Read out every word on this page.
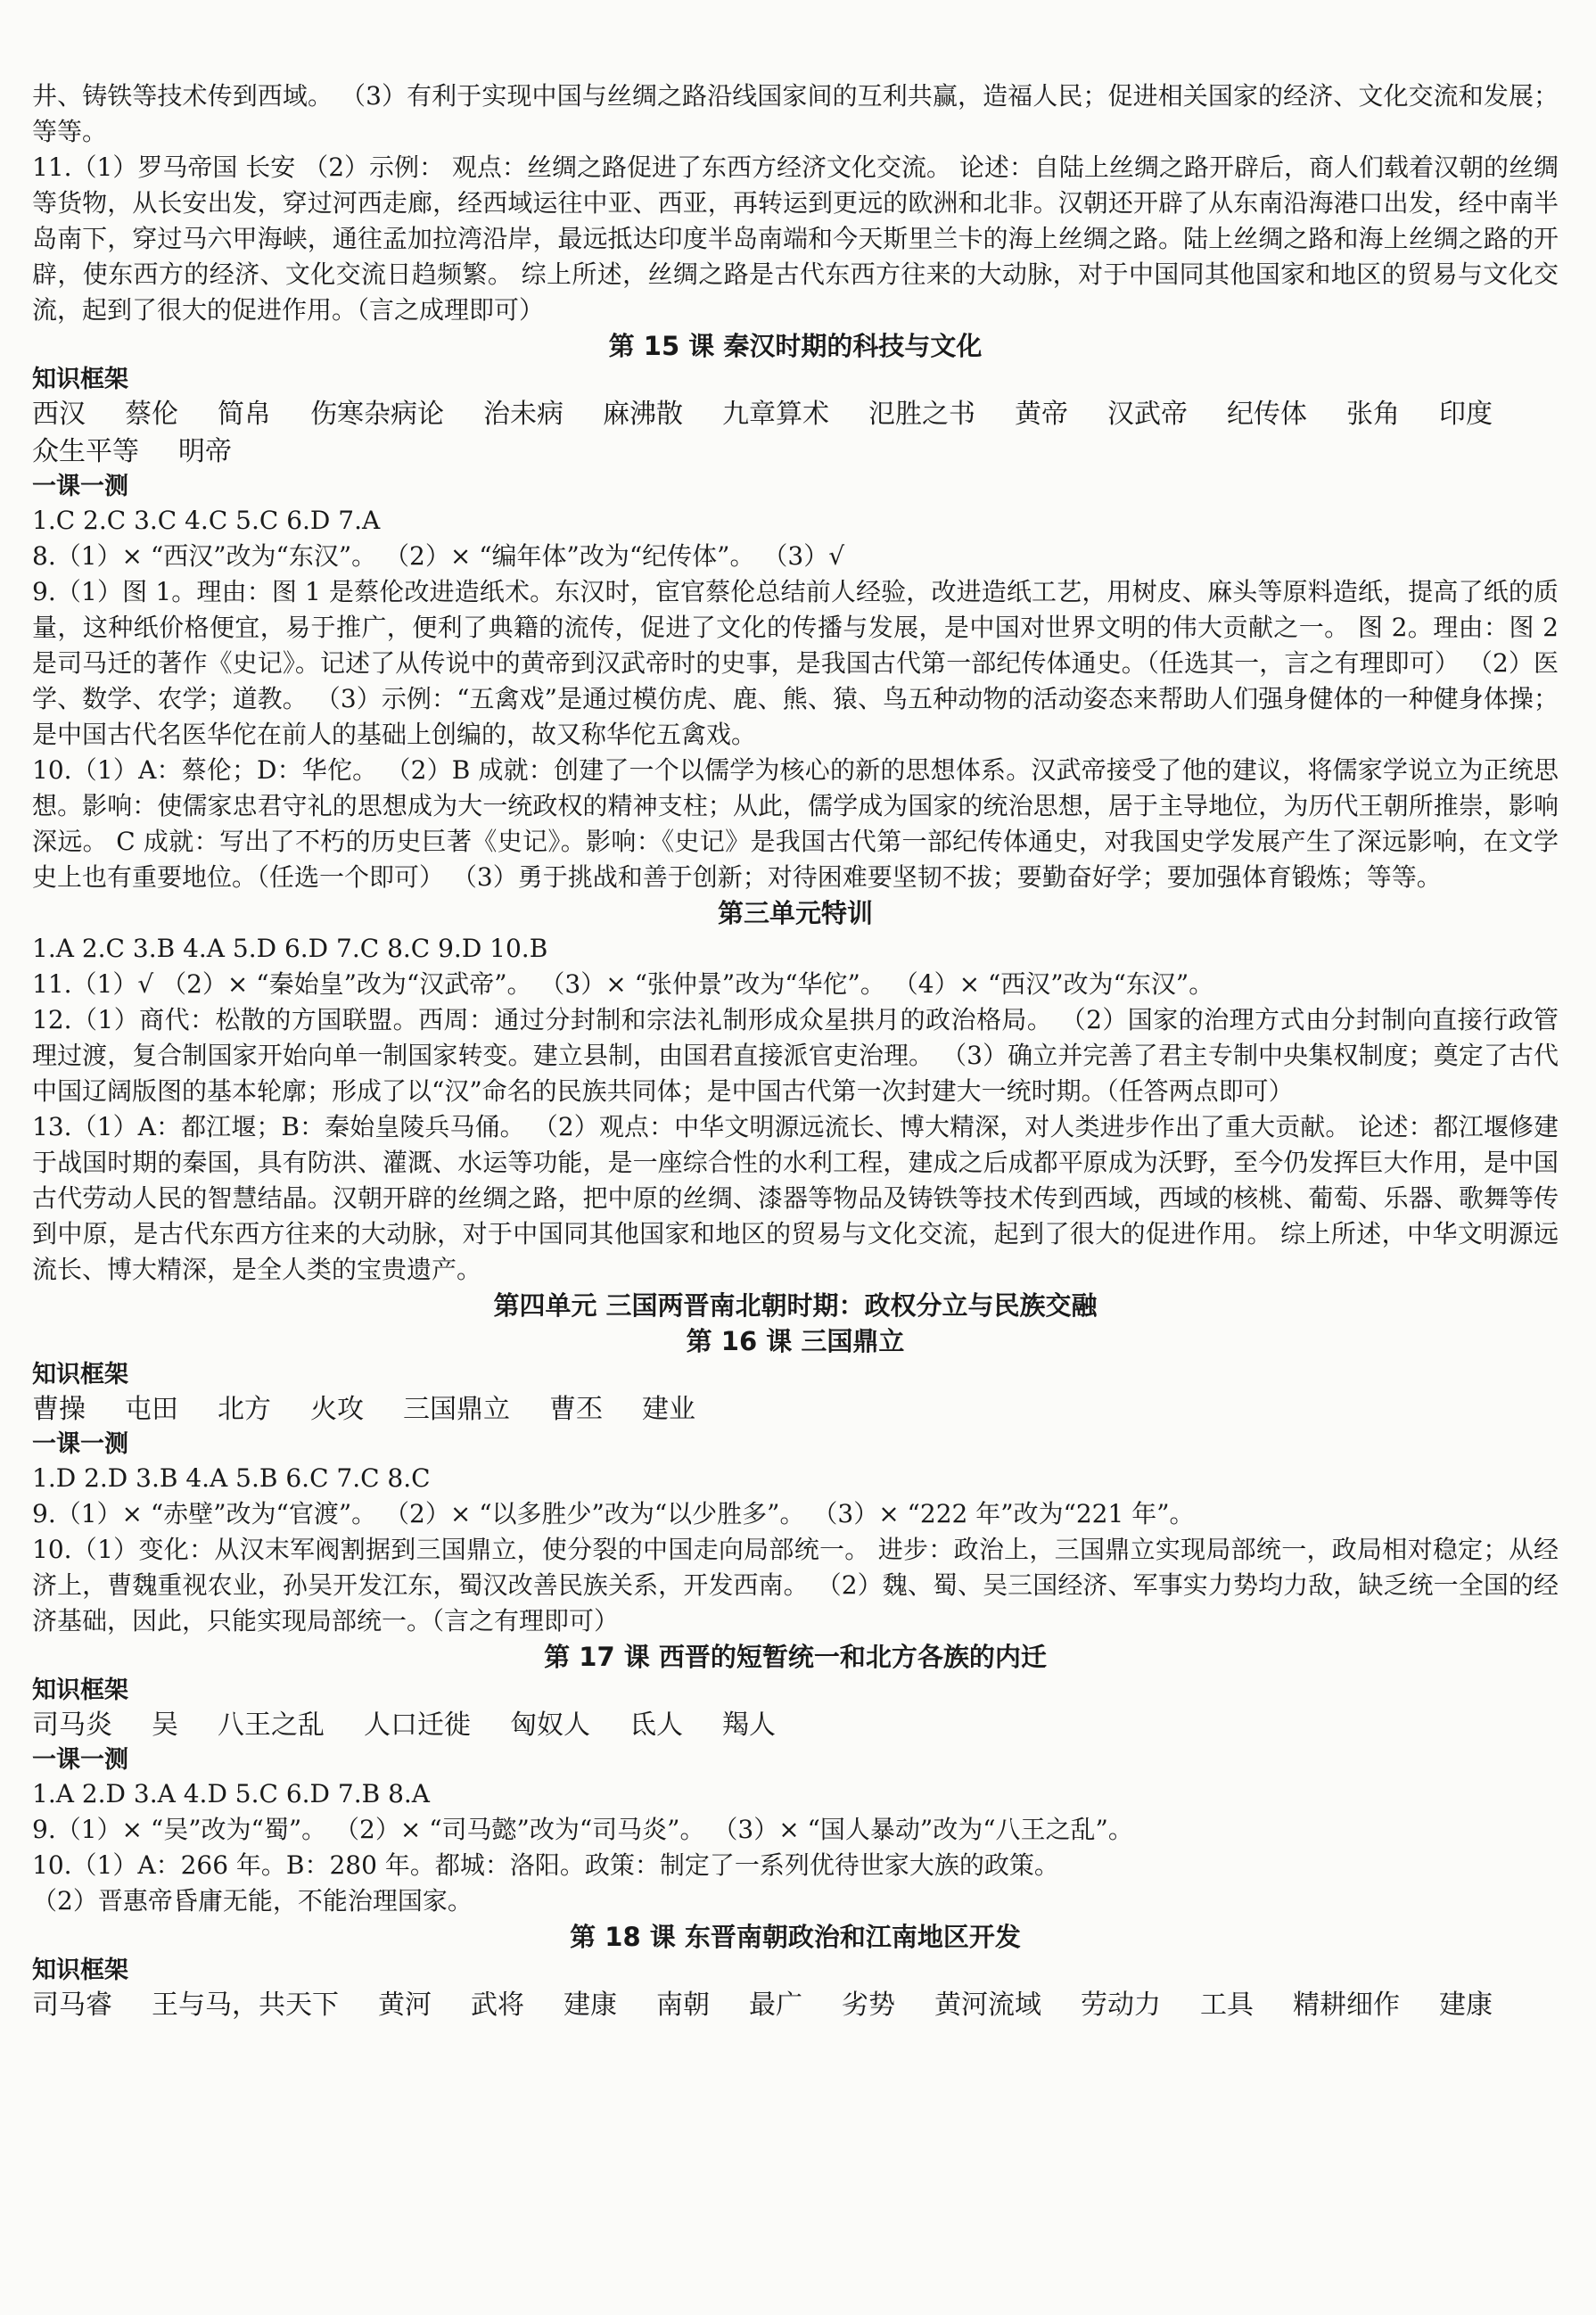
井、铸铁等技术传到西域。 （3）有利于实现中国与丝绸之路沿线国家间的互利共赢，造福人民；促进相关国家的经济、文化交流和发展；等等。
11.（1）罗马帝国 长安 （2）示例： 观点：丝绸之路促进了东西方经济文化交流。 论述：自陆上丝绸之路开辟后，商人们载着汉朝的丝绸等货物，从长安出发，穿过河西走廊，经西域运往中亚、西亚，再转运到更远的欧洲和北非。汉朝还开辟了从东南沿海港口出发，经中南半岛南下，穿过马六甲海峡，通往孟加拉湾沿岸，最远抵达印度半岛南端和今天斯里兰卡的海上丝绸之路。陆上丝绸之路和海上丝绸之路的开辟，使东西方的经济、文化交流日趋频繁。 综上所述，丝绸之路是古代东西方往来的大动脉，对于中国同其他国家和地区的贸易与文化交流，起到了很大的促进作用。（言之成理即可）
第 15 课 秦汉时期的科技与文化
知识框架
西汉 蔡伦 简帛 伤寒杂病论 治未病 麻沸散 九章算术 氾胜之书 黄帝 汉武帝 纪传体 张角 印度
众生平等 明帝
一课一测
1.C 2.C 3.C 4.C 5.C 6.D 7.A
8.（1）× “西汉”改为“东汉”。 （2）× “编年体”改为“纪传体”。 （3）√
9.（1）图 1。理由：图 1 是蔡伦改进造纸术。东汉时，宦官蔡伦总结前人经验，改进造纸工艺，用树皮、麻头等原料造纸，提高了纸的质量，这种纸价格便宜，易于推广，便利了典籍的流传，促进了文化的传播与发展，是中国对世界文明的伟大贡献之一。 图 2。理由：图 2 是司马迁的著作《史记》。记述了从传说中的黄帝到汉武帝时的史事，是我国古代第一部纪传体通史。（任选其一，言之有理即可） （2）医学、数学、农学；道教。 （3）示例：“五禽戏”是通过模仿虎、鹿、熊、猿、鸟五种动物的活动姿态来帮助人们强身健体的一种健身体操；是中国古代名医华佗在前人的基础上创编的，故又称华佗五禽戏。
10.（1）A：蔡伦；D：华佗。 （2）B 成就：创建了一个以儒学为核心的新的思想体系。汉武帝接受了他的建议，将儒家学说立为正统思想。影响：使儒家忠君守礼的思想成为大一统政权的精神支柱；从此，儒学成为国家的统治思想，居于主导地位，为历代王朝所推崇，影响深远。 C 成就：写出了不朽的历史巨著《史记》。影响：《史记》是我国古代第一部纪传体通史，对我国史学发展产生了深远影响，在文学史上也有重要地位。（任选一个即可） （3）勇于挑战和善于创新；对待困难要坚韧不拔；要勤奋好学；要加强体育锻炼；等等。
第三单元特训
1.A 2.C 3.B 4.A 5.D 6.D 7.C 8.C 9.D 10.B
11.（1）√ （2）× “秦始皇”改为“汉武帝”。 （3）× “张仲景”改为“华佗”。 （4）× “西汉”改为“东汉”。
12.（1）商代：松散的方国联盟。西周：通过分封制和宗法礼制形成众星拱月的政治格局。 （2）国家的治理方式由分封制向直接行政管理过渡，复合制国家开始向单一制国家转变。建立县制，由国君直接派官吏治理。 （3）确立并完善了君主专制中央集权制度；奠定了古代中国辽阔版图的基本轮廓；形成了以“汉”命名的民族共同体；是中国古代第一次封建大一统时期。（任答两点即可）
13.（1）A：都江堰；B：秦始皇陵兵马俑。 （2）观点：中华文明源远流长、博大精深，对人类进步作出了重大贡献。 论述：都江堰修建于战国时期的秦国，具有防洪、灌溉、水运等功能，是一座综合性的水利工程，建成之后成都平原成为沃野，至今仍发挥巨大作用，是中国古代劳动人民的智慧结晶。汉朝开辟的丝绸之路，把中原的丝绸、漆器等物品及铸铁等技术传到西域，西域的核桃、葡萄、乐器、歌舞等传到中原，是古代东西方往来的大动脉，对于中国同其他国家和地区的贸易与文化交流，起到了很大的促进作用。 综上所述，中华文明源远流长、博大精深，是全人类的宝贵遗产。
第四单元 三国两晋南北朝时期：政权分立与民族交融
第 16 课 三国鼎立
知识框架
曹操 屯田 北方 火攻 三国鼎立 曹丕 建业
一课一测
1.D 2.D 3.B 4.A 5.B 6.C 7.C 8.C
9.（1）× “赤壁”改为“官渡”。 （2）× “以多胜少”改为“以少胜多”。 （3）× “222 年”改为“221 年”。
10.（1）变化：从汉末军阀割据到三国鼎立，使分裂的中国走向局部统一。 进步：政治上，三国鼎立实现局部统一，政局相对稳定；从经济上，曹魏重视农业，孙吴开发江东，蜀汉改善民族关系，开发西南。 （2）魏、蜀、吴三国经济、军事实力势均力敌，缺乏统一全国的经济基础，因此，只能实现局部统一。（言之有理即可）
第 17 课 西晋的短暂统一和北方各族的内迁
知识框架
司马炎 吴 八王之乱 人口迁徙 匈奴人 氐人 羯人
一课一测
1.A 2.D 3.A 4.D 5.C 6.D 7.B 8.A
9.（1）× “吴”改为“蜀”。 （2）× “司马懿”改为“司马炎”。 （3）× “国人暴动”改为“八王之乱”。
10.（1）A：266 年。B：280 年。都城：洛阳。政策：制定了一系列优待世家大族的政策。
（2）晋惠帝昏庸无能，不能治理国家。
第 18 课 东晋南朝政治和江南地区开发
知识框架
司马睿 王与马，共天下 黄河 武将 建康 南朝 最广 劣势 黄河流域 劳动力 工具 精耕细作 建康
